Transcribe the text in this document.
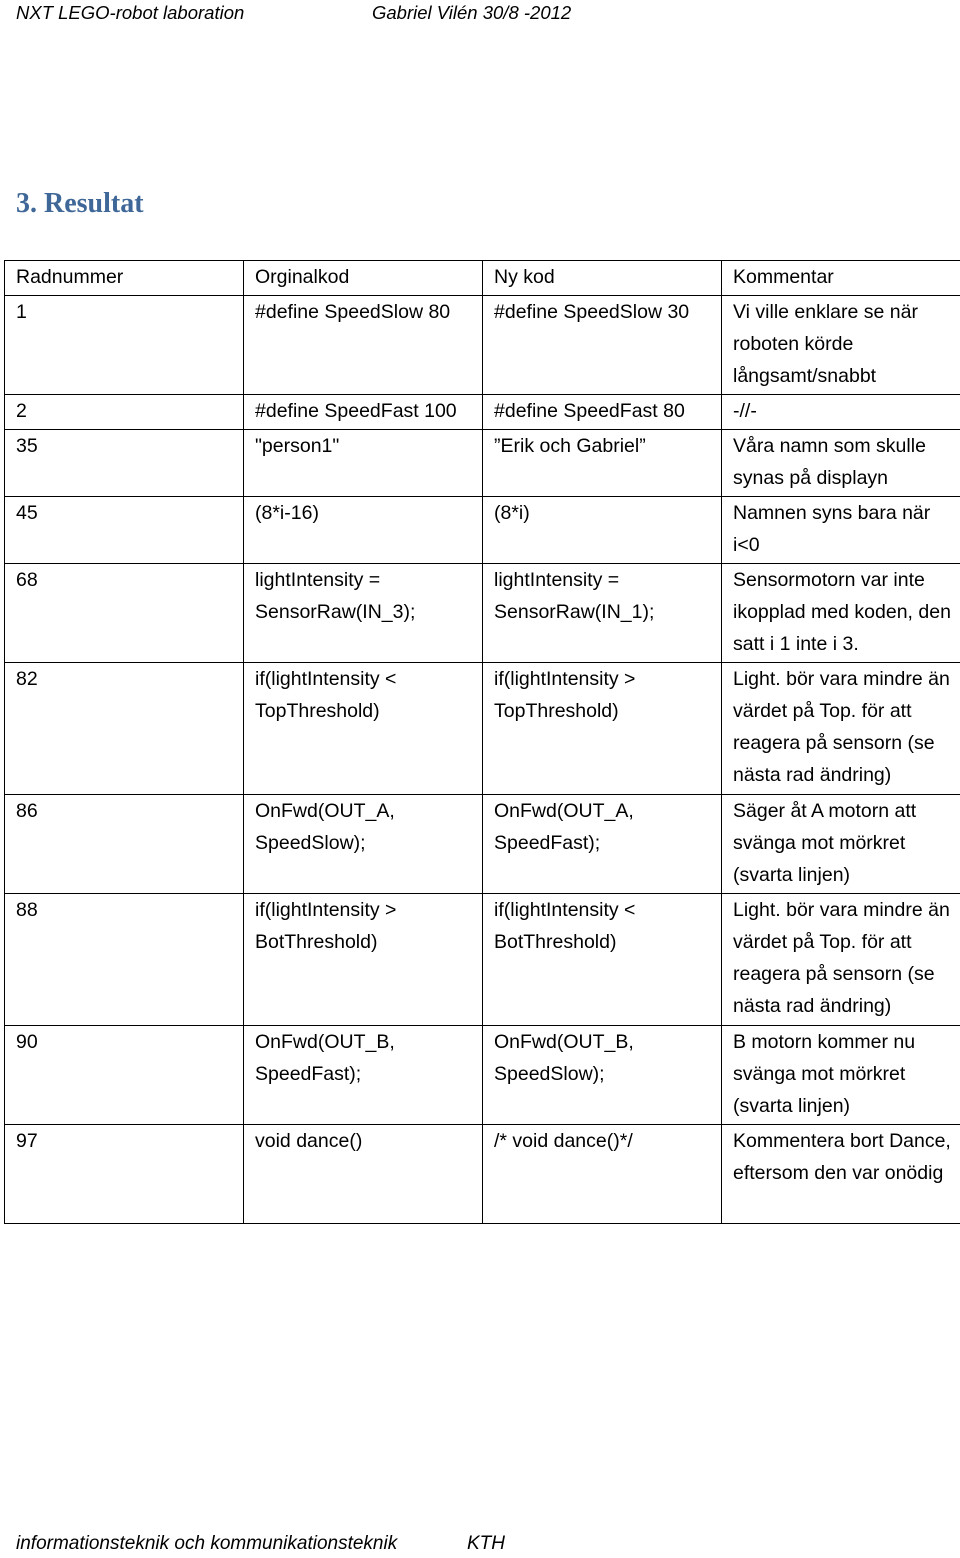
NXT LEGO-robot laboration	Gabriel Vilén 30/8 -2012
3. Resultat
Radnummer	Orginalkod	Ny kod	Kommentar
1	#define SpeedSlow 80	#define SpeedSlow 30	Vi ville enklare se när roboten körde långsamt/snabbt
2	#define SpeedFast 100	#define SpeedFast 80	-//-
35	"person1"	”Erik och Gabriel”	Våra namn som skulle synas på displayn
45	(8*i-16)	(8*i)	Namnen syns bara när i<0
68	lightIntensity = SensorRaw(IN_3);	lightIntensity = SensorRaw(IN_1);	Sensormotorn var inte ikopplad med koden, den satt i 1 inte i 3.
82	if(lightIntensity < TopThreshold)	if(lightIntensity > TopThreshold)	Light. bör vara mindre än värdet på Top. för att reagera på sensorn (se nästa rad ändring)
86	OnFwd(OUT_A, SpeedSlow);	OnFwd(OUT_A, SpeedFast);	Säger åt A motorn att svänga mot mörkret (svarta linjen)
88	if(lightIntensity > BotThreshold)	if(lightIntensity < BotThreshold)	Light. bör vara mindre än värdet på Top. för att reagera på sensorn (se nästa rad ändring)
90	OnFwd(OUT_B, SpeedFast);	OnFwd(OUT_B, SpeedSlow);	B motorn kommer nu svänga mot mörkret (svarta linjen)
97	void dance()	/* void dance()*/	Kommentera bort Dance, eftersom den var onödig
informationsteknik och kommunikationsteknik	KTH
